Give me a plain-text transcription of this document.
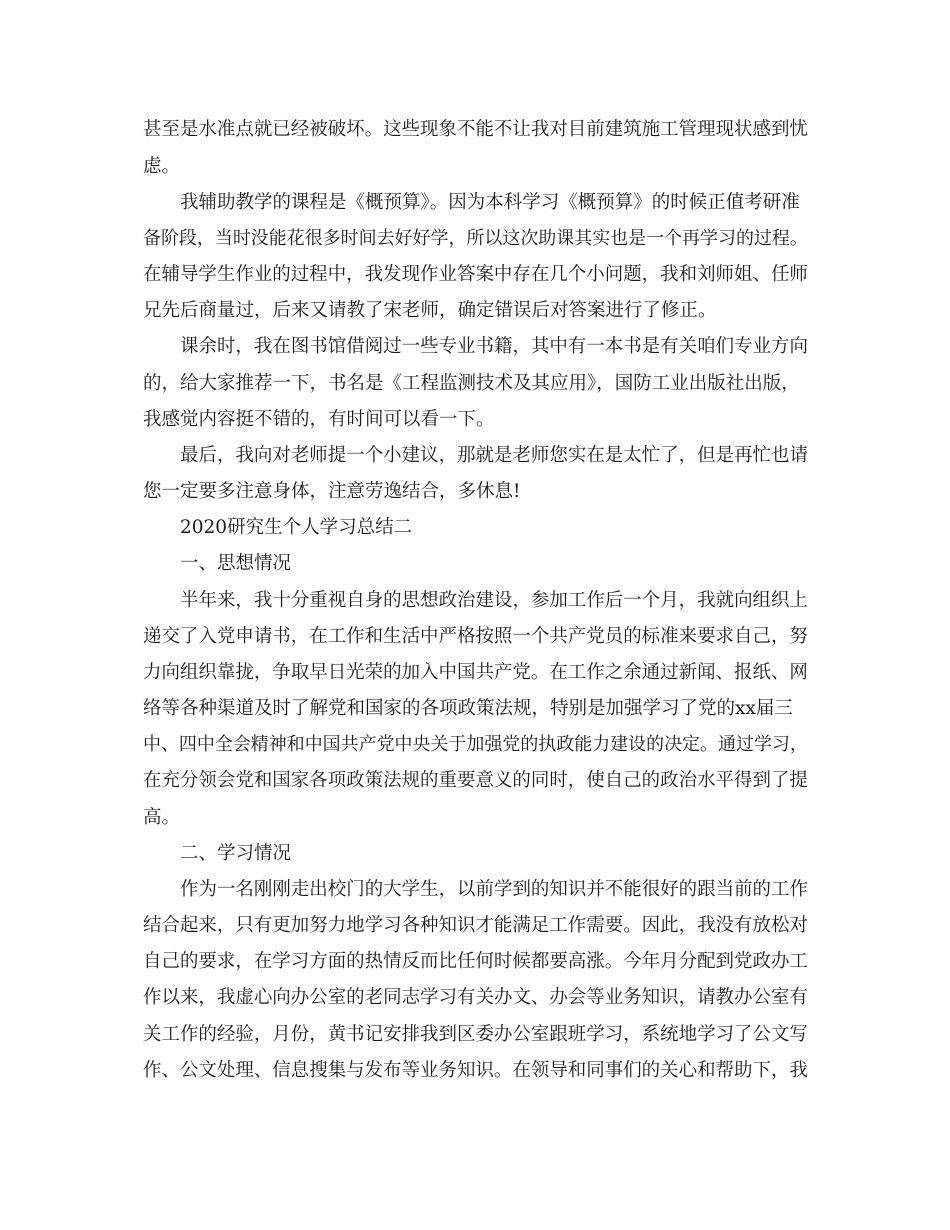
甚至是水准点就已经被破坏。这些现象不能不让我对目前建筑施工管理现状感到忧

虑。

我辅助教学的课程是《概预算》。因为本科学习《概预算》的时候正值考研准

备阶段，当时没能花很多时间去好好学，所以这次助课其实也是一个再学习的过程。

在辅导学生作业的过程中，我发现作业答案中存在几个小问题，我和刘师姐、任师

兄先后商量过，后来又请教了宋老师，确定错误后对答案进行了修正。

课余时，我在图书馆借阅过一些专业书籍，其中有一本书是有关咱们专业方向

的，给大家推荐一下，书名是《工程监测技术及其应用》，国防工业出版社出版，

我感觉内容挺不错的，有时间可以看一下。

最后，我向对老师提一个小建议，那就是老师您实在是太忙了，但是再忙也请

您一定要多注意身体，注意劳逸结合，多休息!

2020研究生个人学习总结二

一、思想情况

半年来，我十分重视自身的思想政治建设，参加工作后一个月，我就向组织上

递交了入党申请书，在工作和生活中严格按照一个共产党员的标准来要求自己，努

力向组织靠拢，争取早日光荣的加入中国共产党。在工作之余通过新闻、报纸、网

络等各种渠道及时了解党和国家的各项政策法规，特别是加强学习了党的xx届三

中、四中全会精神和中国共产党中央关于加强党的执政能力建设的决定。通过学习，

在充分领会党和国家各项政策法规的重要意义的同时，使自己的政治水平得到了提

高。

二、学习情况

作为一名刚刚走出校门的大学生，以前学到的知识并不能很好的跟当前的工作

结合起来，只有更加努力地学习各种知识才能满足工作需要。因此，我没有放松对

自己的要求，在学习方面的热情反而比任何时候都要高涨。今年月分配到党政办工

作以来，我虚心向办公室的老同志学习有关办文、办会等业务知识，请教办公室有

关工作的经验，月份，黄书记安排我到区委办公室跟班学习，系统地学习了公文写

作、公文处理、信息搜集与发布等业务知识。在领导和同事们的关心和帮助下，我
